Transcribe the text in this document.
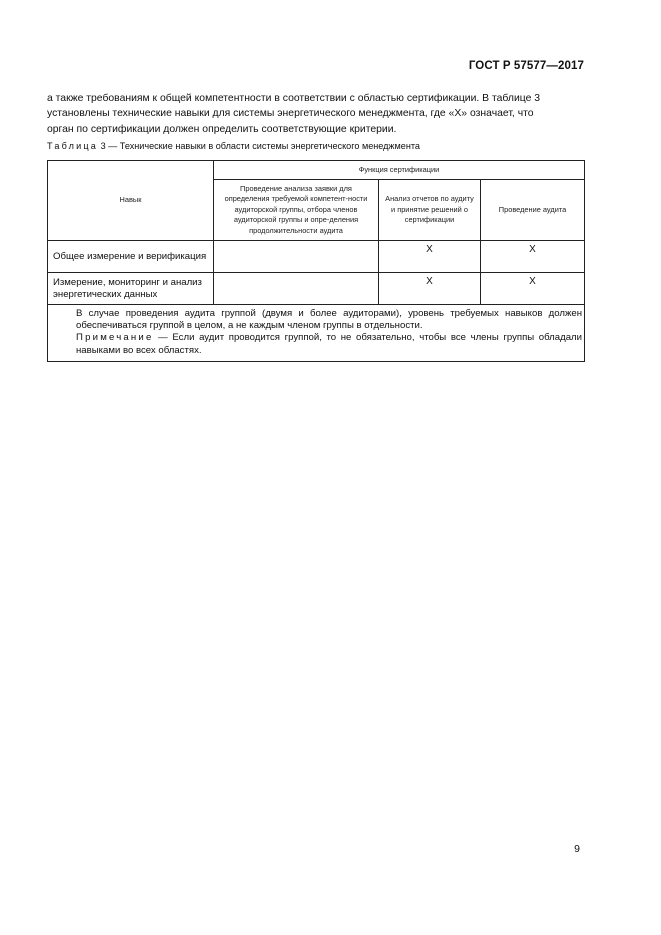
ГОСТ Р 57577—2017

а также требованиям к общей компетентности в соответствии с областью сертификации. В таблице 3

установлены технические навыки для системы энергетического менеджмента, где «Х» означает, что

орган по сертификации должен определить соответствующие критерии.

Таблица 3 — Технические навыки в области системы энергетического менеджмента
Навык	Функция сертификации		
	Проведение анализа заявки для определения требуемой компетент-ности аудиторской группы, отбора членов аудиторской группы и опре-деления продолжительности аудита	Анализ отчетов по аудиту и принятие решений о сертификации	Проведение аудита
Общее измерение и верификация		X	X
Измерение, мониторинг и анализ энергетических данных		X	X

В случае проведения аудита группой (двумя и более аудиторами), уровень требуемых навыков должен обеспечиваться группой в целом, а не каждым членом группы в отдельности.

Примечание — Если аудит проводится группой, то не обязательно, чтобы все члены группы обладали навыками во всех областях.			

9
